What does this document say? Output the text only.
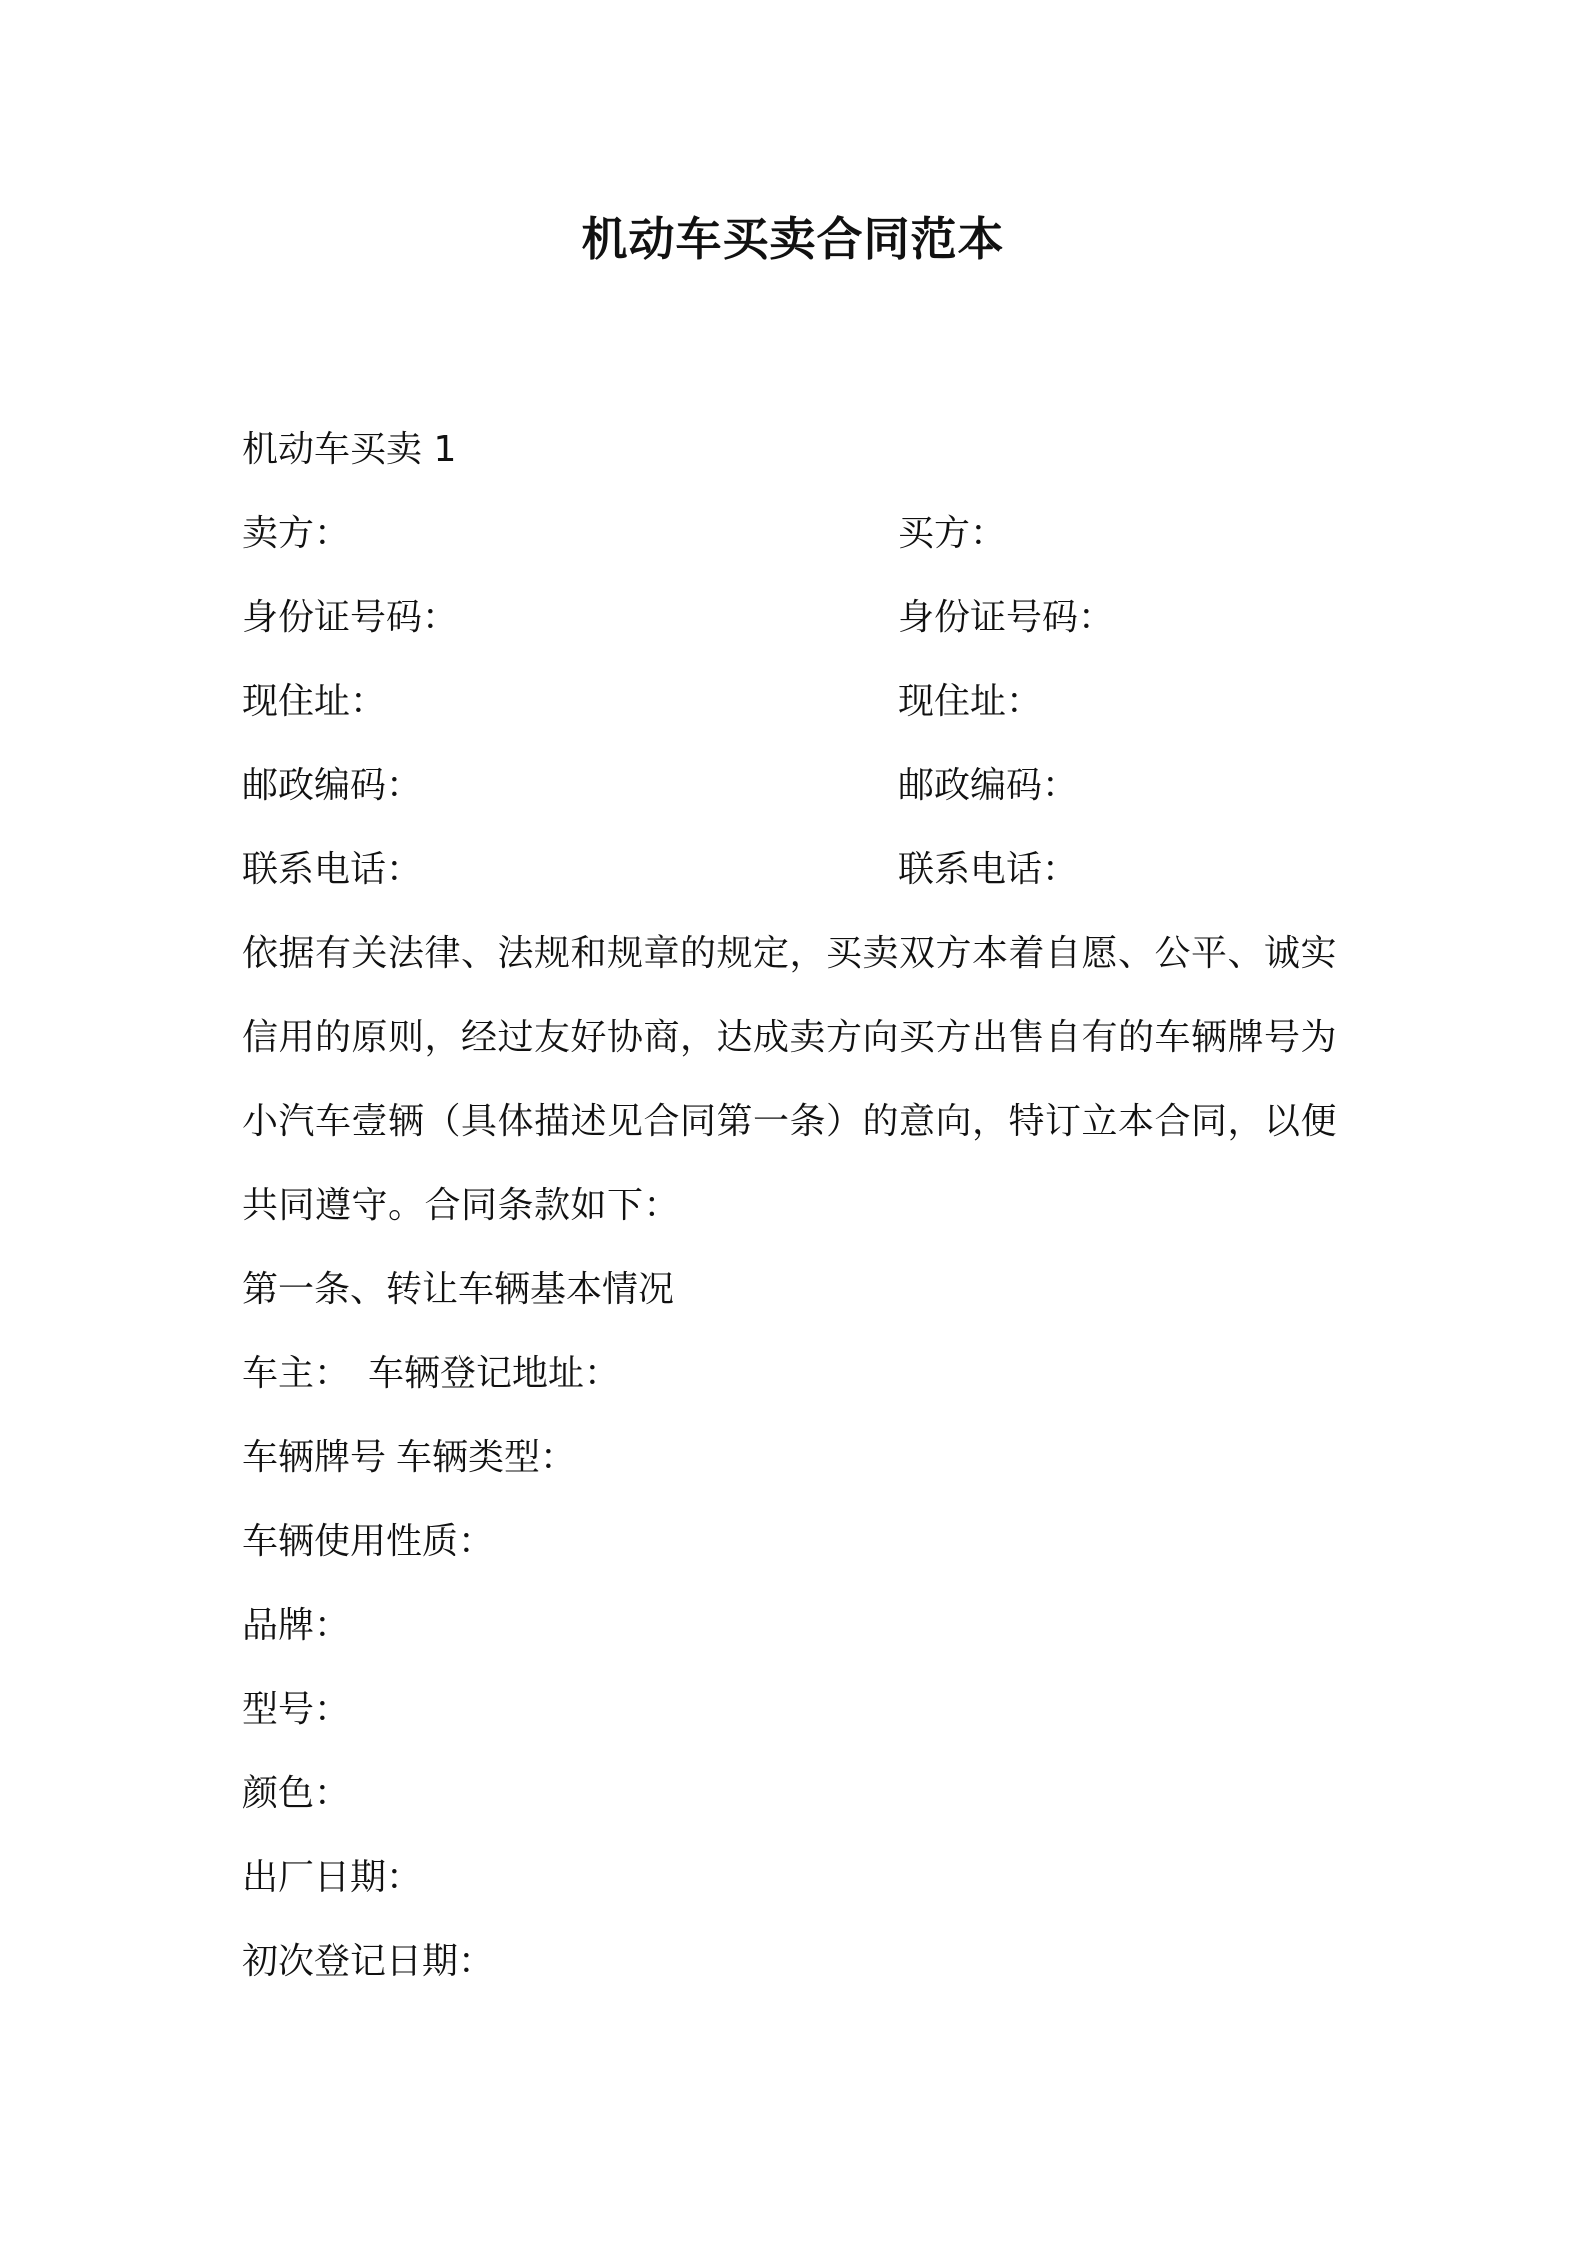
机动车买卖合同范本
机动车买卖 1
卖方：	买方：
身份证号码：	身份证号码：
现住址：	现住址：
邮政编码：	邮政编码：
联系电话：	联系电话：
依据有关法律、法规和规章的规定，买卖双方本着自愿、公平、诚实
信用的原则，经过友好协商，达成卖方向买方出售自有的车辆牌号为
小汽车壹辆（具体描述见合同第一条）的意向，特订立本合同，以便
共同遵守。合同条款如下：
第一条、转让车辆基本情况
车主： 车辆登记地址：
车辆牌号 车辆类型：
车辆使用性质：
品牌：
型号：
颜色：
出厂日期：
初次登记日期：
